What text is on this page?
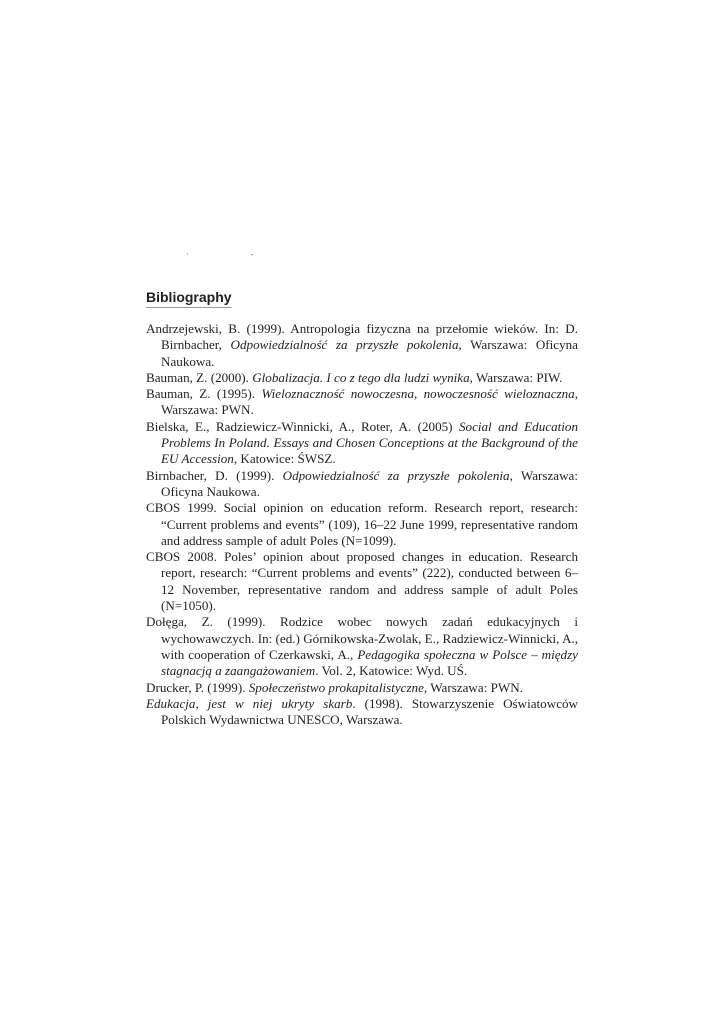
· -
Bibliography
Andrzejewski, B. (1999). Antropologia fizyczna na przełomie wieków. In: D. Birnbacher, Odpowiedzialność za przyszłe pokolenia, Warszawa: Oficyna Naukowa.
Bauman, Z. (2000). Globalizacja. I co z tego dla ludzi wynika, Warszawa: PIW.
Bauman, Z. (1995). Wieloznaczność nowoczesna, nowoczesność wieloznaczna, Warszawa: PWN.
Bielska, E., Radziewicz-Winnicki, A., Roter, A. (2005) Social and Education Problems In Poland. Essays and Chosen Conceptions at the Background of the EU Accession, Katowice: ŚWSZ.
Birnbacher, D. (1999). Odpowiedzialność za przyszłe pokolenia, Warszawa: Oficyna Naukowa.
CBOS 1999. Social opinion on education reform. Research report, research: “Current problems and events” (109), 16–22 June 1999, representative random and address sample of adult Poles (N=1099).
CBOS 2008. Poles’ opinion about proposed changes in education. Research report, research: “Current problems and events” (222), conducted between 6–12 November, representative random and address sample of adult Poles (N=1050).
Dołęga, Z. (1999). Rodzice wobec nowych zadań edukacyjnych i wychowawczych. In: (ed.) Górnikowska-Zwolak, E., Radziewicz-Winnicki, A., with cooperation of Czerkawski, A., Pedagogika społeczna w Polsce – między stagnacją a zaangażowaniem. Vol. 2, Katowice: Wyd. UŚ.
Drucker, P. (1999). Społeczeństwo prokapitalistyczne, Warszawa: PWN.
Edukacja, jest w niej ukryty skarb. (1998). Stowarzyszenie Oświatowców Polskich Wydawnictwa UNESCO, Warszawa.
